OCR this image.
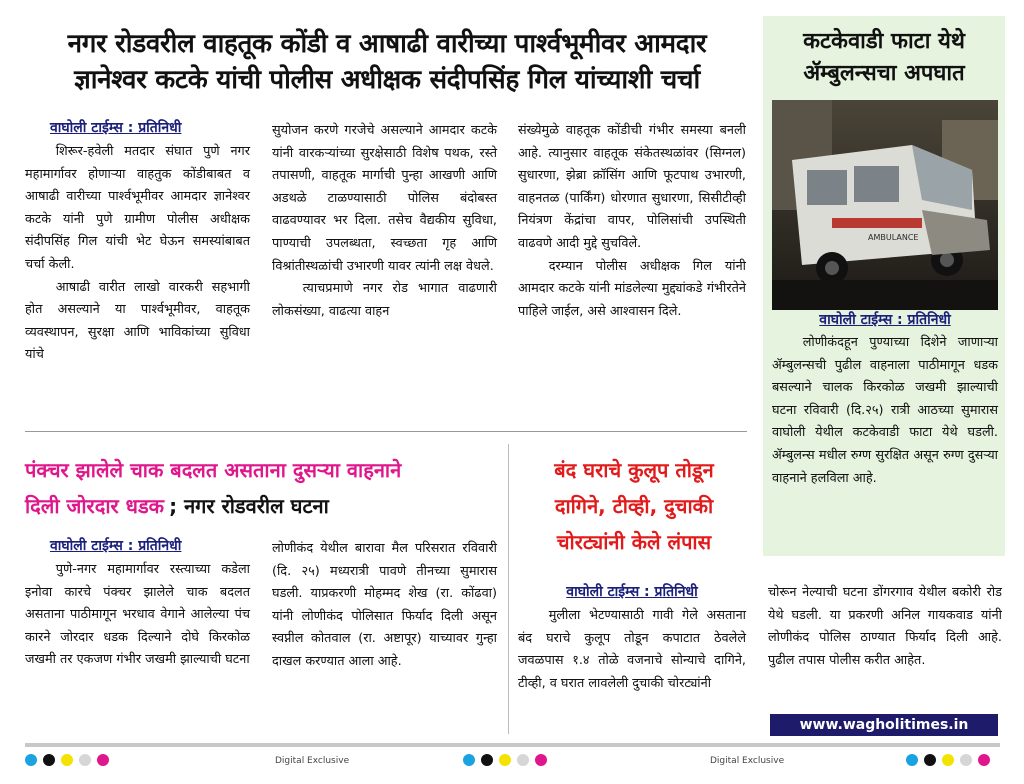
नगर रोडवरील वाहतूक कोंडी व आषाढी वारीच्या पार्श्वभूमीवर आमदार
ज्ञानेश्वर कटके यांची पोलीस अधीक्षक संदीपसिंह गिल यांच्याशी चर्चा
वाघोली टाईम्स : प्रतिनिधी

शिरूर-हवेली मतदार संघात पुणे नगर महामार्गावर होणाऱ्या वाहतुक कोंडीबाबत व आषाढी वारीच्या पार्श्वभूमीवर आमदार ज्ञानेश्वर कटके यांनी पुणे ग्रामीण पोलीस अधीक्षक संदीपसिंह गिल यांची भेट घेऊन समस्यांबाबत चर्चा केली.

आषाढी वारीत लाखो वारकरी सहभागी होत असल्याने या पार्श्वभूमीवर, वाहतूक व्यवस्थापन, सुरक्षा आणि भाविकांच्या सुविधा यांचे

सुयोजन करणे गरजेचे असल्याने आमदार कटके यांनी वारकऱ्यांच्या सुरक्षेसाठी विशेष पथक, रस्ते तपासणी, वाहतूक मार्गाची पुन्हा आखणी आणि अडथळे टाळण्यासाठी पोलिस बंदोबस्त वाढवण्यावर भर दिला. तसेच वैद्यकीय सुविधा, पाण्याची उपलब्धता, स्वच्छता गृह आणि विश्रांतीस्थळांची उभारणी यावर त्यांनी लक्ष वेधले.

त्याचप्रमाणे नगर रोड भागात वाढणारी लोकसंख्या, वाढत्या वाहन

संख्येमुळे वाहतूक कोंडीची गंभीर समस्या बनली आहे. त्यानुसार वाहतूक संकेतस्थळांवर (सिग्नल) सुधारणा, झेब्रा क्रॉसिंग आणि फूटपाथ उभारणी, वाहनतळ (पार्किंग) धोरणात सुधारणा, सिसीटीव्ही नियंत्रण केंद्रांचा वापर, पोलिसांची उपस्थिती वाढवणे आदी मुद्दे सुचविले.

दरम्यान पोलीस अधीक्षक गिल यांनी आमदार कटके यांनी मांडलेल्या मुद्द्यांकडे गंभीरतेने पाहिले जाईल, असे आश्वासन दिले.

कटकेवाडी फाटा येथे
ॲम्बुलन्सचा अपघात
AMBULANCE
वाघोली टाईम्स : प्रतिनिधी

लोणीकंदहून पुण्याच्या दिशेने जाणाऱ्या ॲम्बुलन्सची पुढील वाहनाला पाठीमागून धडक बसल्याने चालक किरकोळ जखमी झाल्याची घटना रविवारी (दि.२५) रात्री आठच्या सुमारास वाघोली येथील कटकेवाडी फाटा येथे घडली. ॲम्बुलन्स मधील रुग्ण सुरक्षित असून रुग्ण दुसऱ्या वाहनाने हलविला आहे.

पंक्चर झालेले चाक बदलत असताना दुसऱ्या वाहनाने
दिली जोरदार धडक ; नगर रोडवरील घटना
वाघोली टाईम्स : प्रतिनिधी

पुणे-नगर महामार्गावर रस्त्याच्या कडेला इनोवा कारचे पंक्चर झालेले चाक बदलत असताना पाठीमागून भरधाव वेगाने आलेल्या पंच कारने जोरदार धडक दिल्याने दोघे किरकोळ जखमी तर एकजण गंभीर जखमी झाल्याची घटना

लोणीकंद येथील बारावा मैल परिसरात रविवारी (दि. २५) मध्यरात्री पावणे तीनच्या सुमारास घडली. याप्रकरणी मोहम्मद शेख (रा. कोंढवा) यांनी लोणीकंद पोलिसात फिर्याद दिली असून स्वप्नील कोतवाल (रा. अष्टापूर) याच्यावर गुन्हा दाखल करण्यात आला आहे.

बंद घराचे कुलूप तोडून
दागिने, टीव्ही, दुचाकी
चोरट्यांनी केले लंपास
वाघोली टाईम्स : प्रतिनिधी

मुलीला भेटण्यासाठी गावी गेले असताना बंद घराचे कुलूप तोडून कपाटात ठेवलेले जवळपास १.४ तोळे वजनाचे सोन्याचे दागिने, टीव्ही, व घरात लावलेली दुचाकी चोरट्यांनी

चोरून नेल्याची घटना डोंगरगाव येथील बकोरी रोड येथे घडली. या प्रकरणी अनिल गायकवाड यांनी लोणीकंद पोलिस ठाण्यात फिर्याद दिली आहे. पुढील तपास पोलीस करीत आहेत.

www.wagholitimes.in
Digital Exclusive	Digital Exclusive
